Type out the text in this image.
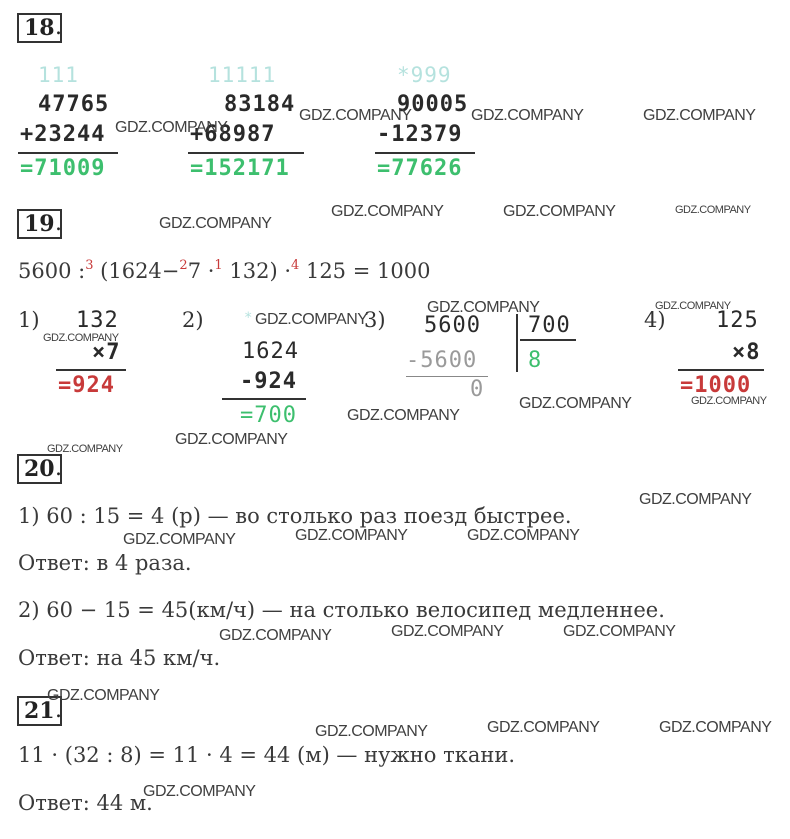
18 .
111
47765
+23244
=71009
11111
83184
+68987
=152171
*999
90005
-12379
=77626
19 .
5600 :$^3$ (1624−$^2$7 ·$^1$ 132) ·$^4$ 125 = 1000
1) 132
×7
=924
2)	*
1624
-924
=700
3) 5600 700
8
-5600
0
4) 125
×8
=1000
20 .
1) 60 : 15 = 4 (р) — во столько раз поезд быстрее.
Ответ: в 4 раза.
2) 60 − 15 = 45(км/ч) — на столько велосипед медленнее.
Ответ: на 45 км/ч.
21 .
11 · (32 : 8) = 11 · 4 = 44 (м) — нужно ткани.
Ответ: 44 м.
GDZ.COMPANY
GDZ.COMPANY	GDZ.COMPANY	GDZ.COMPANY
GDZ.COMPANY
GDZ.COMPANY	GDZ.COMPANY	GDZ.COMPANY
GDZ.COMPANY	GDZ.COMPANY
GDZ.COMPANY
GDZ.COMPANY
GDZ.COMPANY	GDZ.COMPANY
GDZ.COMPANY
GDZ.COMPANY
GDZ.COMPANY
GDZ.COMPANY
GDZ.COMPANY	GDZ.COMPANY	GDZ.COMPANY
GDZ.COMPANY	GDZ.COMPANY	GDZ.COMPANY
GDZ.COMPANY
GDZ.COMPANY	GDZ.COMPANY	GDZ.COMPANY
GDZ.COMPANY
